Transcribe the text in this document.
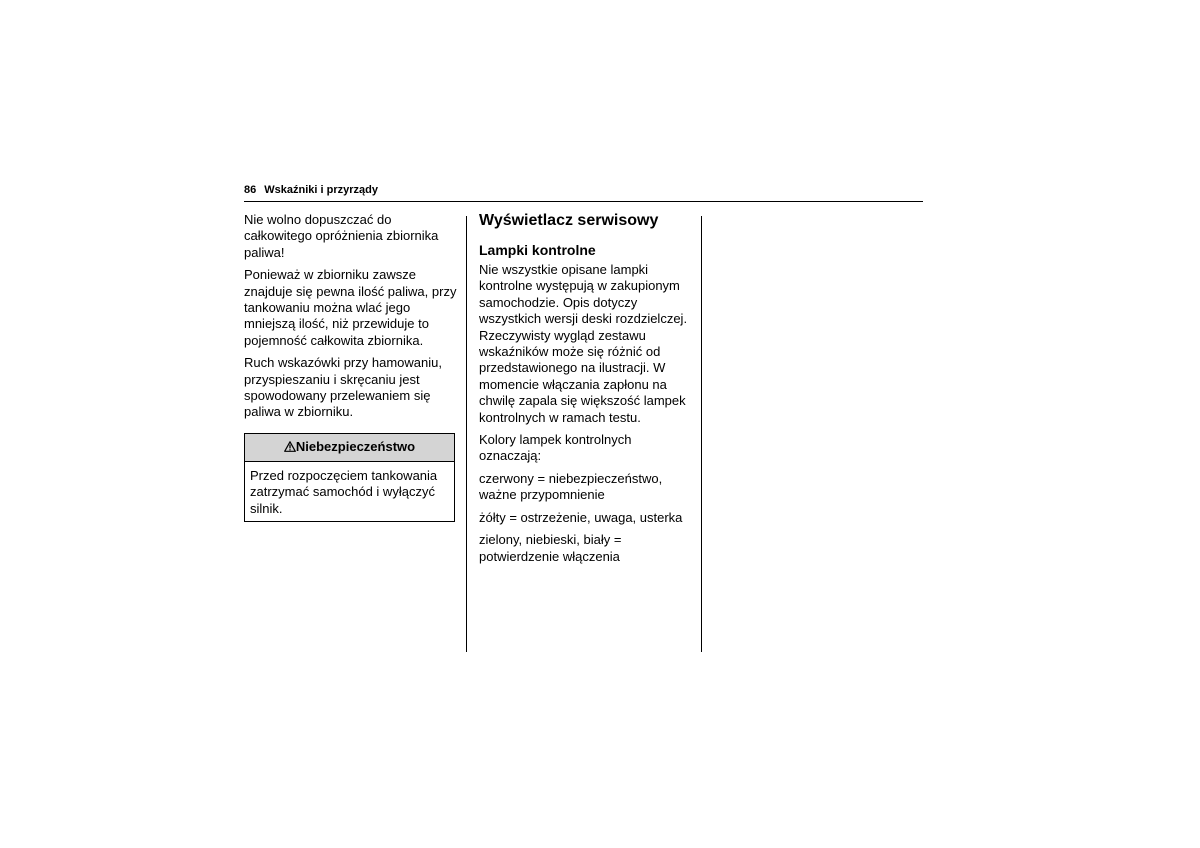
86 Wskaźniki i przyrządy

Nie wolno dopuszczać do całkowitego opróżnienia zbiornika paliwa!

Ponieważ w zbiorniku zawsze znajduje się pewna ilość paliwa, przy tankowaniu można wlać jego mniejszą ilość, niż przewiduje to pojemność całkowita zbiornika.

Ruch wskazówki przy hamowaniu, przyspieszaniu i skręcaniu jest spowodowany przelewaniem się paliwa w zbiorniku.

Niebezpieczeństwo
Przed rozpoczęciem tankowania zatrzymać samochód i wyłączyć silnik.
Wyświetlacz serwisowy
Lampki kontrolne

Nie wszystkie opisane lampki kontrolne występują w zakupionym samochodzie. Opis dotyczy wszystkich wersji deski rozdzielczej. Rzeczywisty wygląd zestawu wskaźników może się różnić od przedstawionego na ilustracji. W momencie włączania zapłonu na chwilę zapala się większość lampek kontrolnych w ramach testu.

Kolory lampek kontrolnych oznaczają:

czerwony = niebezpieczeństwo, ważne przypomnienie

żółty = ostrzeżenie, uwaga, usterka

zielony, niebieski, biały = potwierdzenie włączenia
